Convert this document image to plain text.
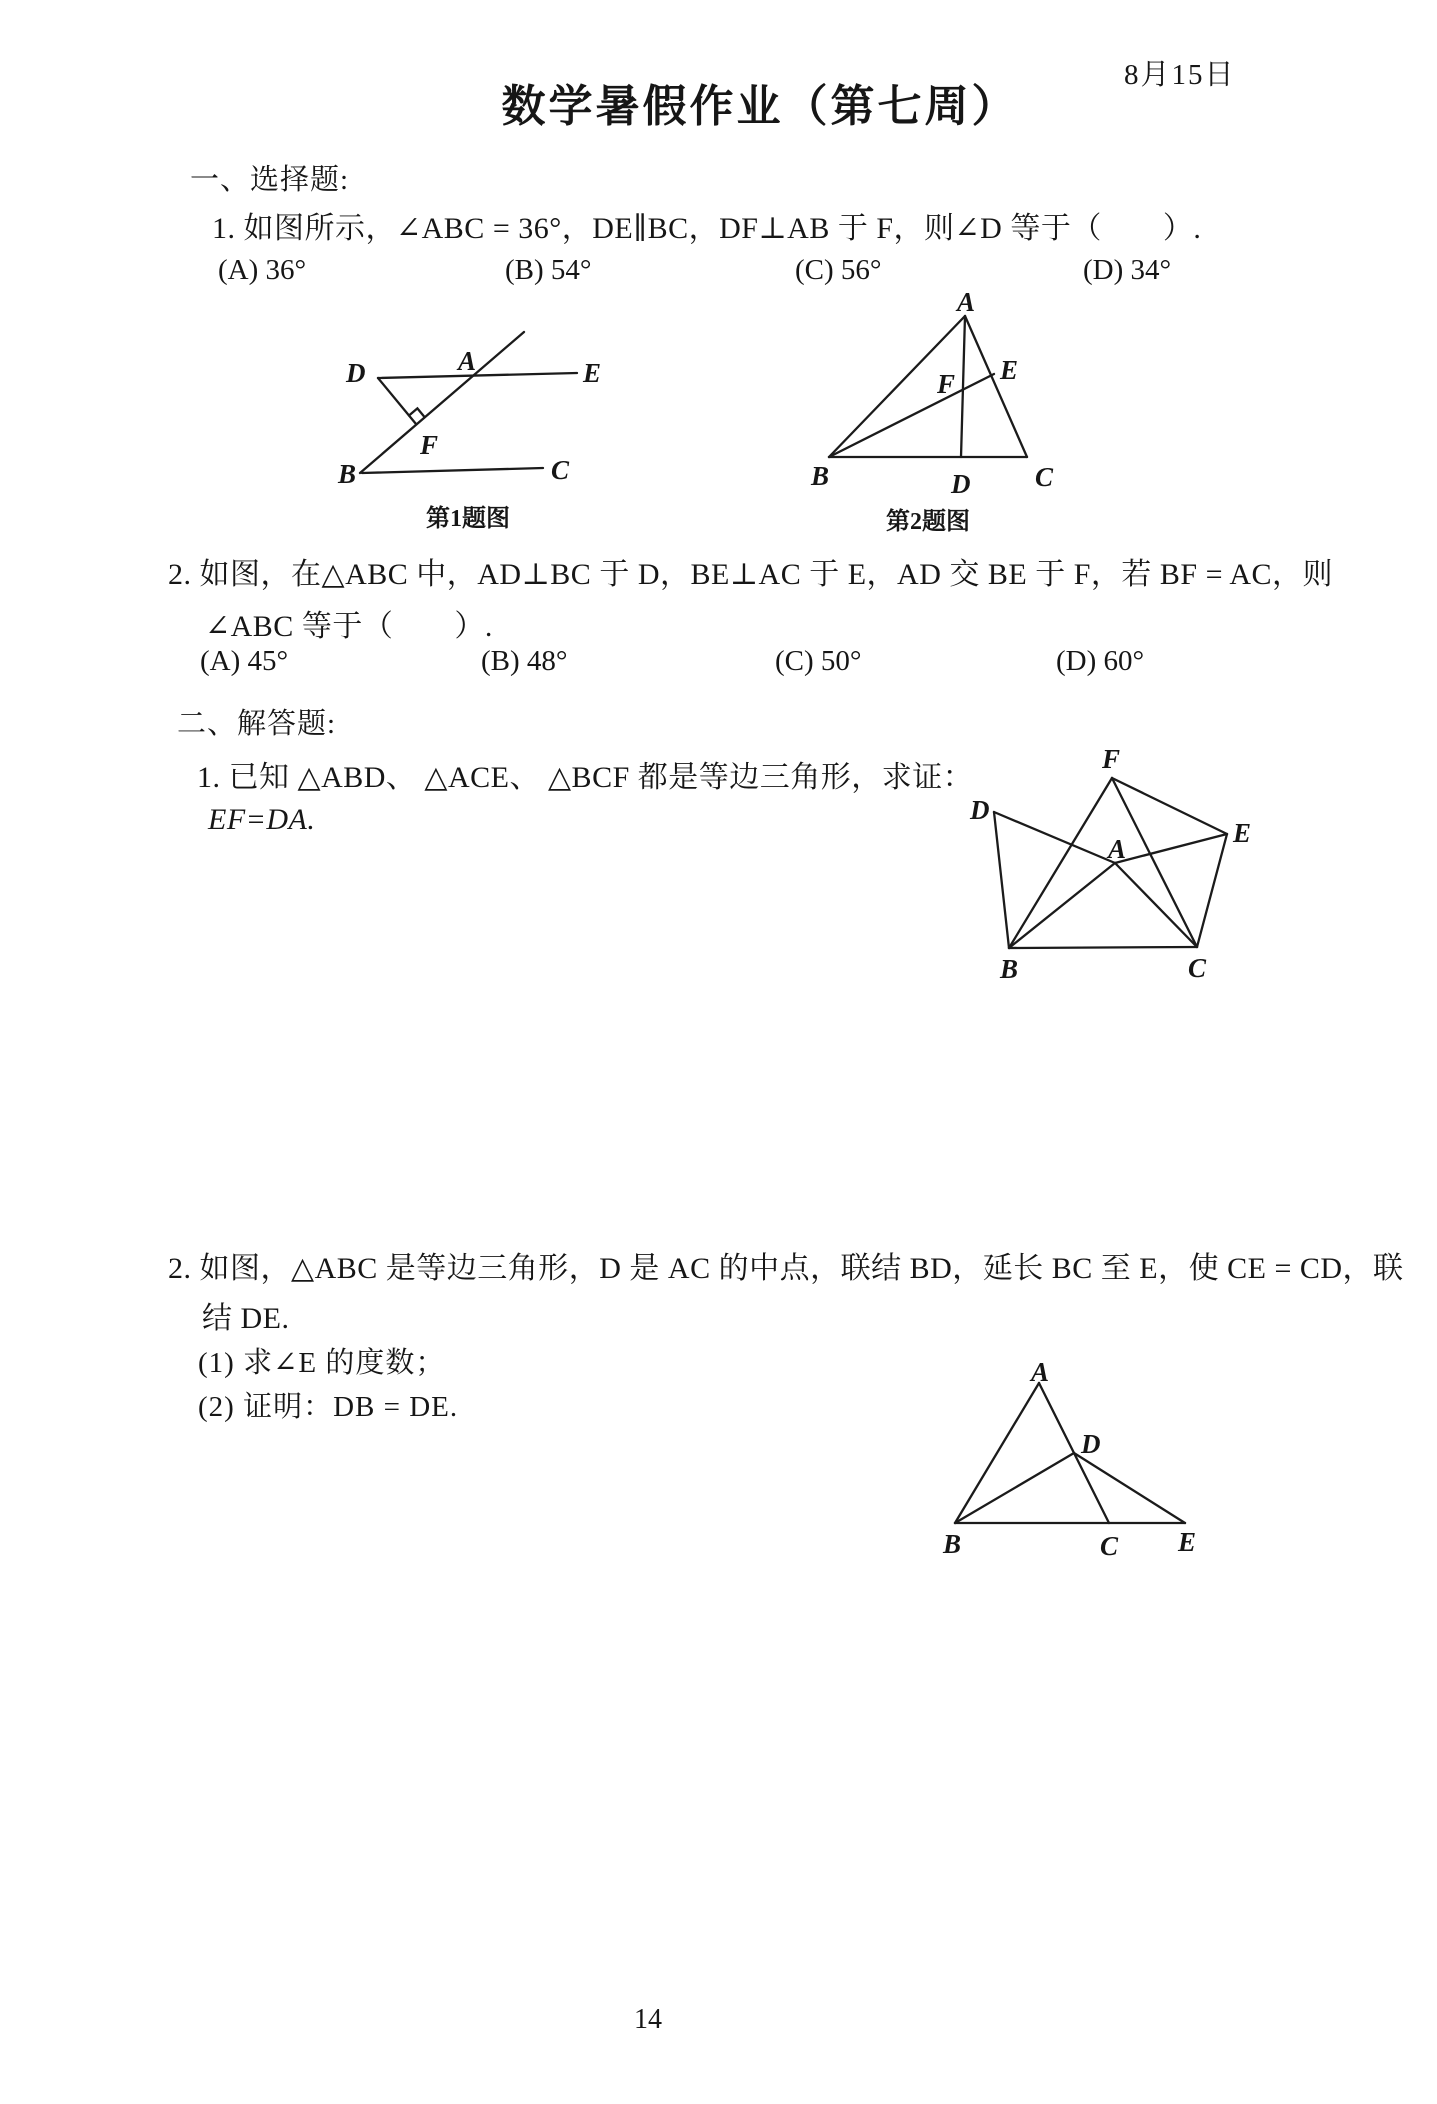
数学暑假作业（第七周）
8月15日
一、选择题:
1. 如图所示，∠ABC = 36°，DE∥BC，DF⊥AB 于 F，则∠D 等于（　　）.
(A) 36°	(B) 54°	(C) 56°	(D) 34°
D	A	E
F
B	C
第1题图
A
E
F
B	D C
第2题图
2. 如图，在△ABC 中，AD⊥BC 于 D，BE⊥AC 于 E，AD 交 BE 于 F，若 BF = AC，则
∠ABC 等于（　　）.
(A) 45°	(B) 48°	(C) 50°	(D) 60°
二、解答题:
1. 已知 △ABD、 △ACE、 △BCF 都是等边三角形，求证：
EF=DA.
F
D
E
A
B	C
2. 如图，△ABC 是等边三角形，D 是 AC 的中点，联结 BD，延长 BC 至 E，使 CE = CD，联
结 DE.
(1) 求∠E 的度数；
(2) 证明：DB = DE.
A
D
B	C E
14
